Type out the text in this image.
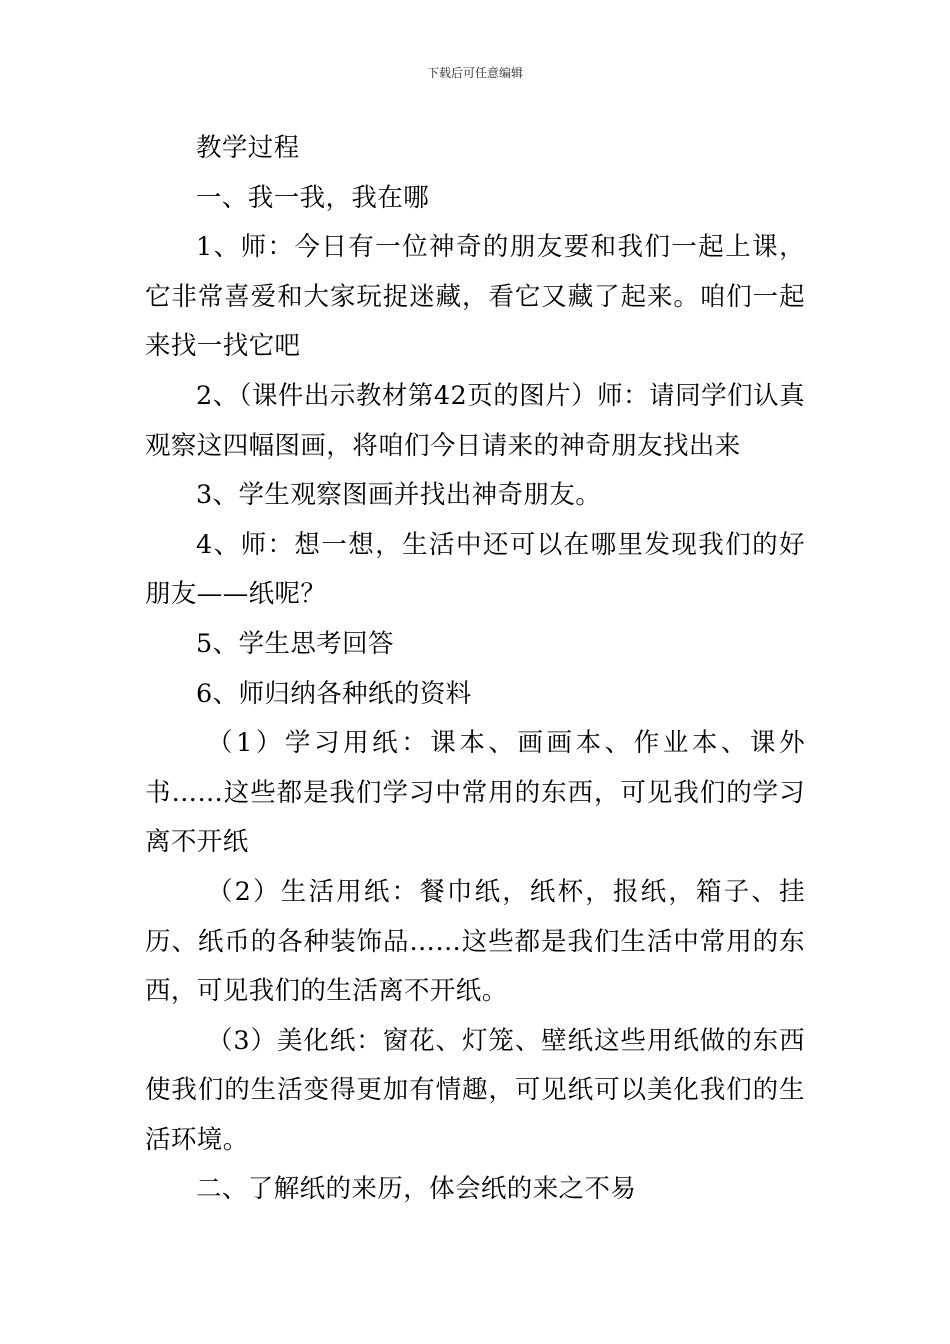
下载后可任意编辑

教学过程

一、我一我，我在哪

1、师：今日有一位神奇的朋友要和我们一起上课，它非常喜爱和大家玩捉迷藏，看它又藏了起来。咱们一起来找一找它吧

2、（课件出示教材第42页的图片）师：请同学们认真观察这四幅图画，将咱们今日请来的神奇朋友找出来

3、学生观察图画并找出神奇朋友。

4、师：想一想，生活中还可以在哪里发现我们的好朋友——纸呢？

5、学生思考回答

6、师归纳各种纸的资料

（1）学习用纸：课本、画画本、作业本、课外书……这些都是我们学习中常用的东西，可见我们的学习离不开纸

（2）生活用纸：餐巾纸，纸杯，报纸，箱子、挂历、纸币的各种装饰品……这些都是我们生活中常用的东西，可见我们的生活离不开纸。

（3）美化纸：窗花、灯笼、壁纸这些用纸做的东西使我们的生活变得更加有情趣，可见纸可以美化我们的生活环境。

二、了解纸的来历，体会纸的来之不易
